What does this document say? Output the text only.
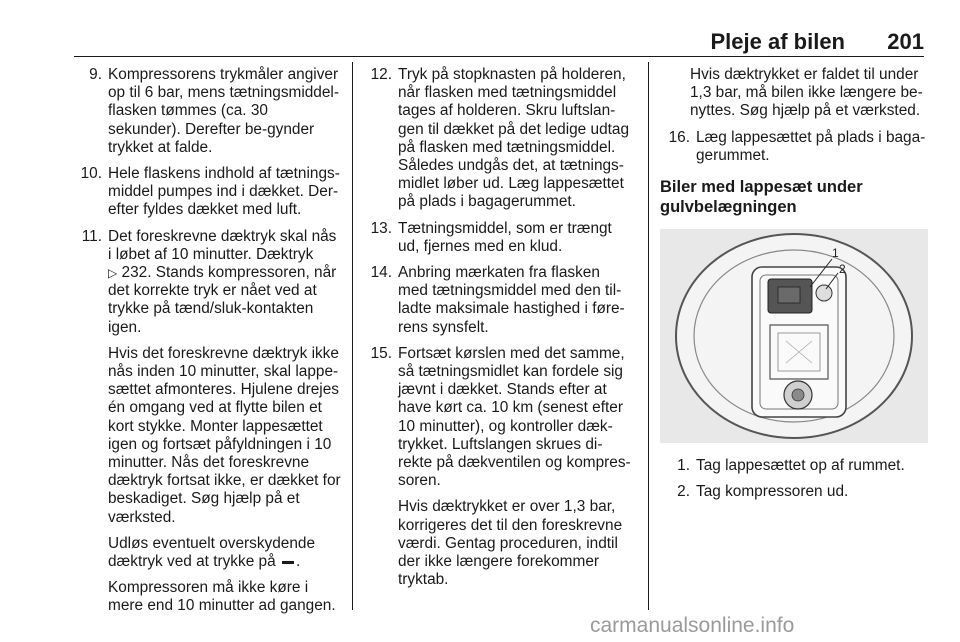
Pleje af bilen 201
9. Kompressorens trykmåler angiver op til 6 bar, mens tætningsmiddel-flasken tømmes (ca. 30 sekunder). Derefter be-gynder trykket at falde.

10. Hele flaskens indhold af tætnings-middel pumpes ind i dækket. Der-efter fyldes dækket med luft.

11. Det foreskrevne dæktryk skal nås i løbet af 10 minutter. Dæktryk
▷ 232. Stands kompressoren, når det korrekte tryk er nået ved at trykke på tænd/sluk-kontakten igen.

Hvis det foreskrevne dæktryk ikke nås inden 10 minutter, skal lappe-sættet afmonteres. Hjulene drejes én omgang ved at flytte bilen et kort stykke. Monter lappesættet igen og fortsæt påfyldningen i 10 minutter. Nås det foreskrevne dæktryk fortsat ikke, er dækket for beskadiget. Søg hjælp på et værksted.

Udløs eventuelt overskydende dæktryk ved at trykke på .

Kompressoren må ikke køre i mere end 10 minutter ad gangen.

12. Tryk på stopknasten på holderen, når flasken med tætningsmiddel tages af holderen. Skru luftslan-gen til dækket på det ledige udtag på flasken med tætningsmiddel. Således undgås det, at tætnings-midlet løber ud. Læg lappesættet på plads i bagagerummet.

13. Tætningsmiddel, som er trængt ud, fjernes med en klud.

14. Anbring mærkaten fra flasken med tætningsmiddel med den til-ladte maksimale hastighed i føre-rens synsfelt.

15. Fortsæt kørslen med det samme, så tætningsmidlet kan fordele sig jævnt i dækket. Stands efter at have kørt ca. 10 km (senest efter 10 minutter), og kontroller dæk-trykket. Luftslangen skrues di-rekte på dækventilen og kompres-soren.

Hvis dæktrykket er over 1,3 bar, korrigeres det til den foreskrevne værdi. Gentag proceduren, indtil der ikke længere forekommer tryktab.

Hvis dæktrykket er faldet til under 1,3 bar, må bilen ikke længere be-nyttes. Søg hjælp på et værksted.

16. Læg lappesættet på plads i baga-gerummet.

Biler med lappesæt under gulvbelægningen
1
2
1. Tag lappesættet op af rummet.

2. Tag kompressoren ud.

carmanualsonline.info
